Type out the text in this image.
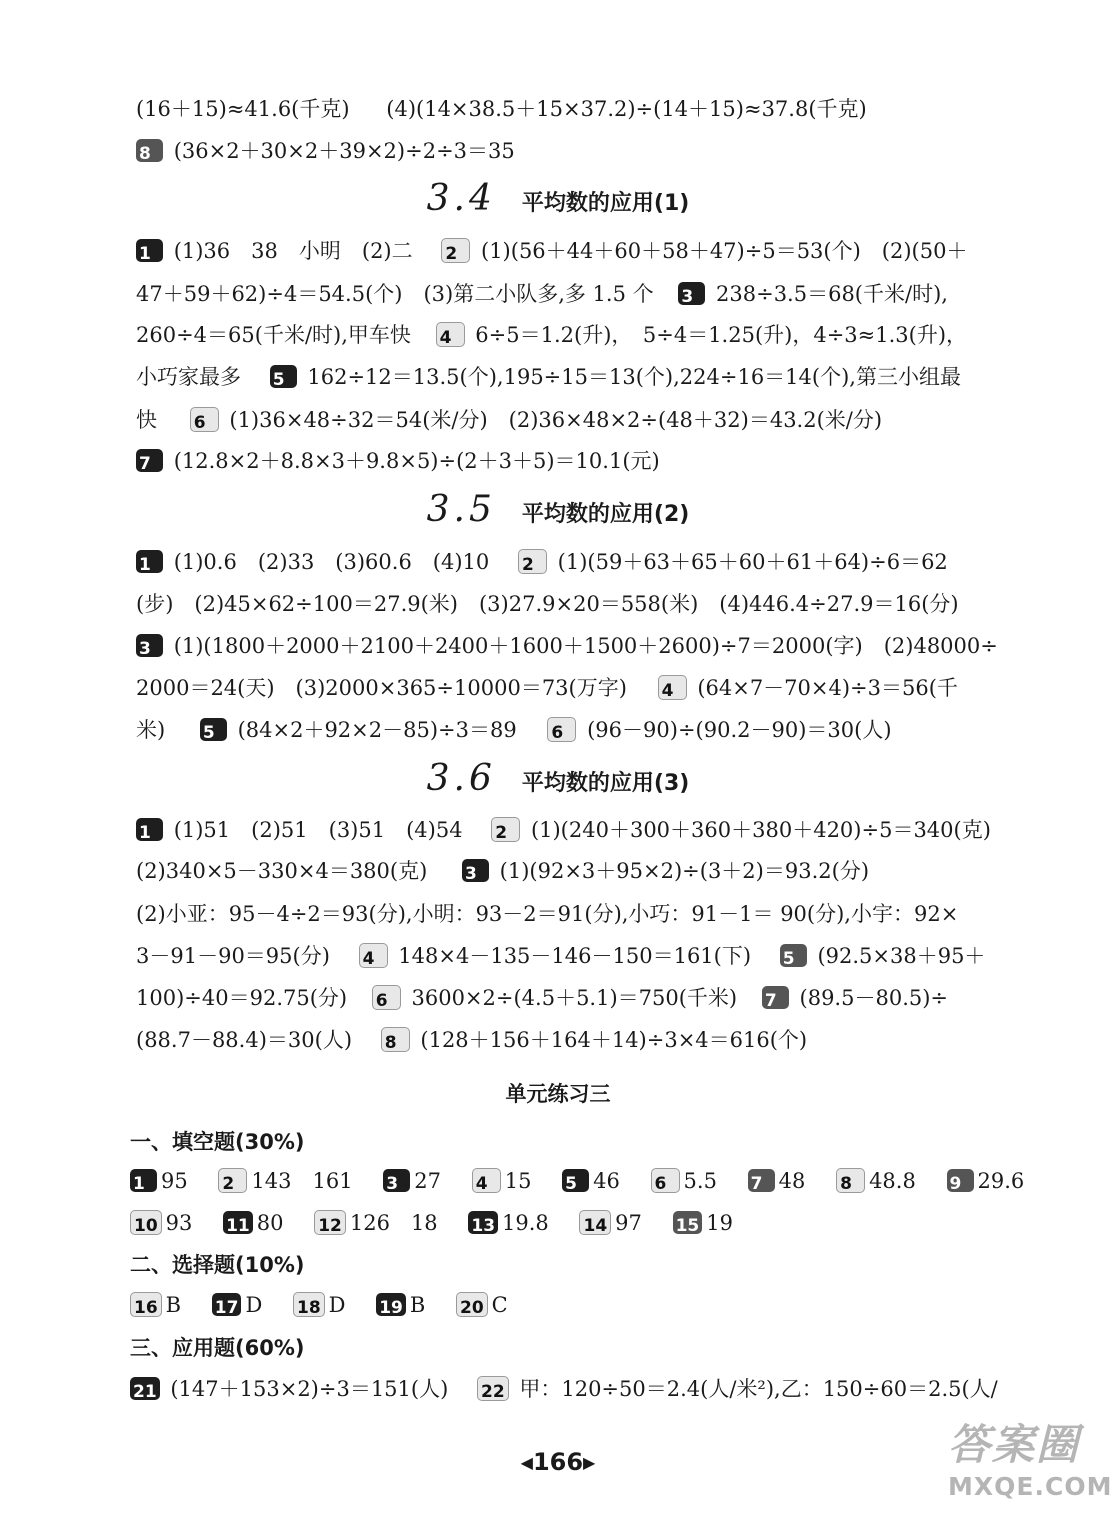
(16＋15)≈41.6(千克) (4)(14×38.5＋15×37.2)÷(14＋15)≈37.8(千克)
8 (36×2＋30×2＋39×2)÷2÷3＝35
3.4 平均数的应用(1)
1 (1)36　38　小明　(2)二 2 (1)(56＋44＋60＋58＋47)÷5＝53(个)　(2)(50＋
47＋59＋62)÷4＝54.5(个)　(3)第二小队多,多 1.5 个 3 238÷3.5＝68(千米/时),
260÷4＝65(千米/时),甲车快 4 6÷5＝1.2(升)，　5÷4＝1.25(升)，4÷3≈1.3(升)，
小巧家最多 5 162÷12＝13.5(个),195÷15＝13(个),224÷16＝14(个),第三小组最
快 6 (1)36×48÷32＝54(米/分)　(2)36×48×2÷(48＋32)＝43.2(米/分)
7 (12.8×2＋8.8×3＋9.8×5)÷(2＋3＋5)＝10.1(元)
3.5 平均数的应用(2)
1 (1)0.6　(2)33　(3)60.6　(4)10 2 (1)(59＋63＋65＋60＋61＋64)÷6＝62
(步)　(2)45×62÷100＝27.9(米)　(3)27.9×20＝558(米)　(4)446.4÷27.9＝16(分)
3 (1)(1800＋2000＋2100＋2400＋1600＋1500＋2600)÷7＝2000(字)　(2)48000÷
2000＝24(天)　(3)2000×365÷10000＝73(万字) 4 (64×7－70×4)÷3＝56(千
米) 5 (84×2＋92×2－85)÷3＝89 6 (96－90)÷(90.2－90)＝30(人)
3.6 平均数的应用(3)
1 (1)51　(2)51　(3)51　(4)54 2 (1)(240＋300＋360＋380＋420)÷5＝340(克)
(2)340×5－330×4＝380(克) 3 (1)(92×3＋95×2)÷(3＋2)＝93.2(分)
(2)小亚：95－4÷2＝93(分),小明：93－2＝91(分),小巧：91－1＝ 90(分),小宇：92×
3－91－90＝95(分) 4 148×4－135－146－150＝161(下) 5 (92.5×38＋95＋
100)÷40＝92.75(分) 6 3600×2÷(4.5＋5.1)＝750(千米) 7 (89.5－80.5)÷
(88.7－88.4)＝30(人) 8 (128＋156＋164＋14)÷3×4＝616(个)
单元练习三
一、填空题(30%)
1 95 2 143　161 3 27 4 15 5 46 6 5.5 7 48 8 48.8 9 29.6
10 93 11 80 12 126　18 13 19.8 14 97 15 19
二、选择题(10%)
16 B 17 D 18 D 19 B 20 C
三、应用题(60%)
21 (147＋153×2)÷3＝151(人) 22 甲：120÷50＝2.4(人/米²),乙：150÷60＝2.5(人/
◀166▶	答案圈
MXQE.COM
